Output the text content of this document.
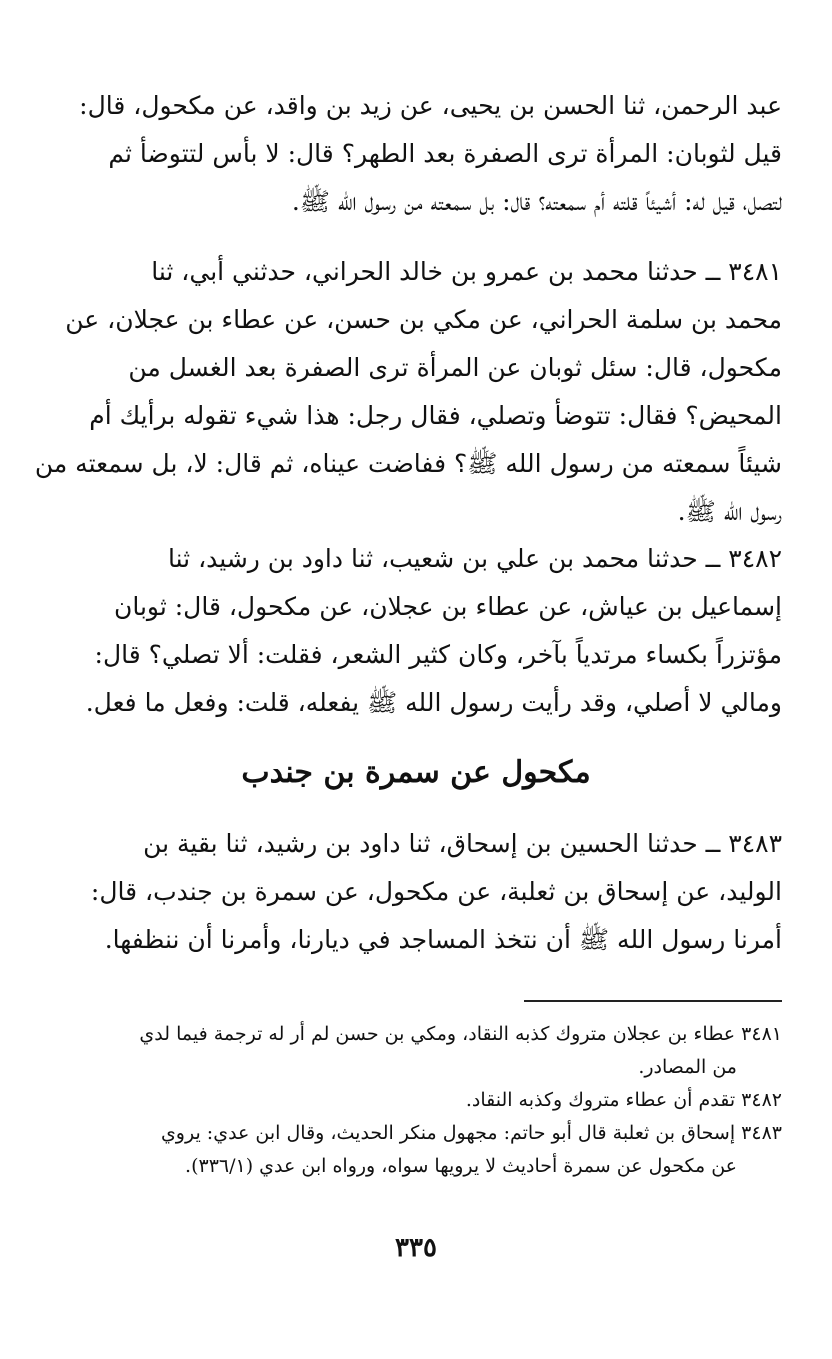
عبد الرحمن، ثنا الحسن بن يحيى، عن زيد بن واقد، عن مكحول، قال:
قيل لثوبان: المرأة ترى الصفرة بعد الطهر؟ قال: لا بأس لتتوضأ ثم
لتصل، قيل له: أشيئاً قلته أم سمعته؟ قال: بل سمعته من رسول الله ﷺ.
٣٤٨١ ــ حدثنا محمد بن عمرو بن خالد الحراني، حدثني أبي، ثنا
محمد بن سلمة الحراني، عن مكي بن حسن، عن عطاء بن عجلان، عن
مكحول، قال: سئل ثوبان عن المرأة ترى الصفرة بعد الغسل من
المحيض؟ فقال: تتوضأ وتصلي، فقال رجل: هذا شيء تقوله برأيك أم
شيئاً سمعته من رسول الله ﷺ؟ ففاضت عيناه، ثم قال: لا، بل سمعته من
رسول الله ﷺ.
٣٤٨٢ ــ حدثنا محمد بن علي بن شعيب، ثنا داود بن رشيد، ثنا
إسماعيل بن عياش، عن عطاء بن عجلان، عن مكحول، قال: ثوبان
مؤتزراً بكساء مرتدياً بآخر، وكان كثير الشعر، فقلت: ألا تصلي؟ قال:
ومالي لا أصلي، وقد رأيت رسول الله ﷺ يفعله، قلت: وفعل ما فعل.
مكحول عن سمرة بن جندب
٣٤٨٣ ــ حدثنا الحسين بن إسحاق، ثنا داود بن رشيد، ثنا بقية بن
الوليد، عن إسحاق بن ثعلبة، عن مكحول، عن سمرة بن جندب، قال:
أمرنا رسول الله ﷺ أن نتخذ المساجد في ديارنا، وأمرنا أن ننظفها.
٣٤٨١ عطاء بن عجلان متروك كذبه النقاد، ومكي بن حسن لم أر له ترجمة فيما لدي
من المصادر.
٣٤٨٢ تقدم أن عطاء متروك وكذبه النقاد.
٣٤٨٣ إسحاق بن ثعلبة قال أبو حاتم: مجهول منكر الحديث، وقال ابن عدي: يروي
عن مكحول عن سمرة أحاديث لا يرويها سواه، ورواه ابن عدي (٣٣٦/١).
٣٣٥
